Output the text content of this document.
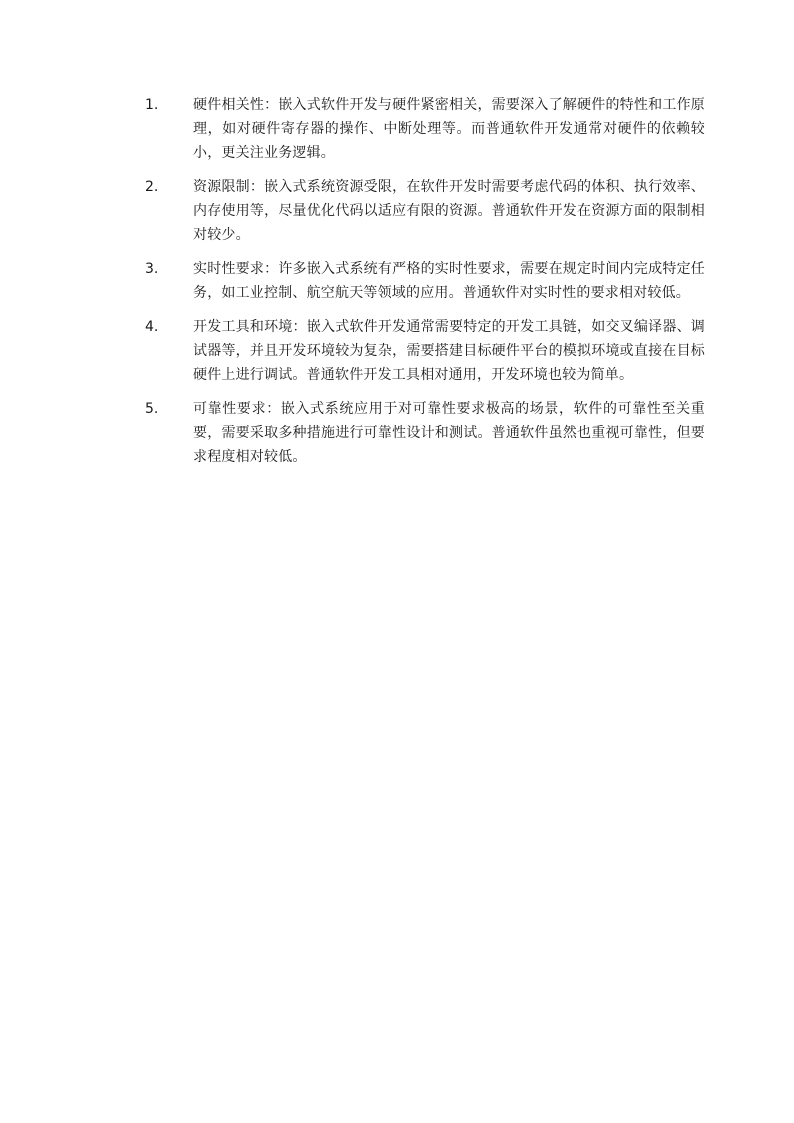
1.	硬件相关性：嵌入式软件开发与硬件紧密相关，需要深入了解硬件的特性和工作原理，如对硬件寄存器的操作、中断处理等。而普通软件开发通常对硬件的依赖较小，更关注业务逻辑。
2.	资源限制：嵌入式系统资源受限，在软件开发时需要考虑代码的体积、执行效率、内存使用等，尽量优化代码以适应有限的资源。普通软件开发在资源方面的限制相对较少。
3.	实时性要求：许多嵌入式系统有严格的实时性要求，需要在规定时间内完成特定任务，如工业控制、航空航天等领域的应用。普通软件对实时性的要求相对较低。
4.	开发工具和环境：嵌入式软件开发通常需要特定的开发工具链，如交叉编译器、调试器等，并且开发环境较为复杂，需要搭建目标硬件平台的模拟环境或直接在目标硬件上进行调试。普通软件开发工具相对通用，开发环境也较为简单。
5.	可靠性要求：嵌入式系统应用于对可靠性要求极高的场景，软件的可靠性至关重要，需要采取多种措施进行可靠性设计和测试。普通软件虽然也重视可靠性，但要求程度相对较低。
